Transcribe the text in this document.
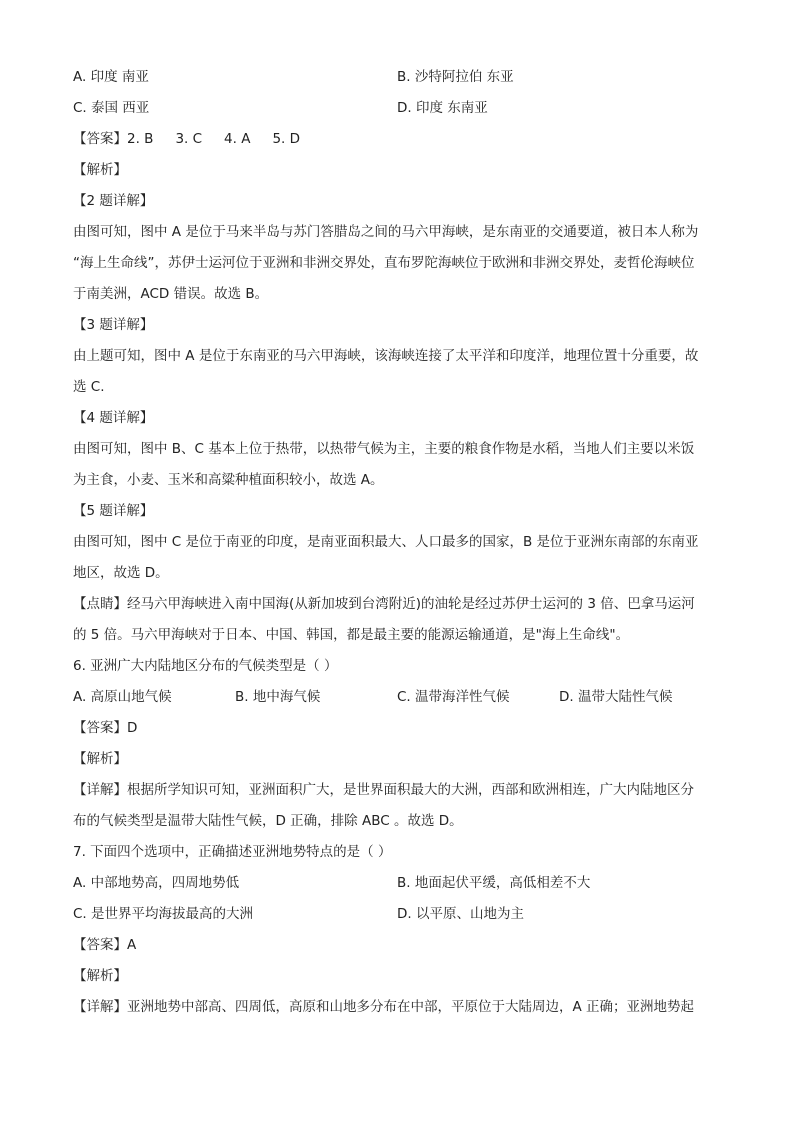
A. 印度 南亚	B. 沙特阿拉伯 东亚
C. 泰国 西亚	D. 印度 东南亚
【答案】2. B 3. C 4. A 5. D
【解析】
【2 题详解】
由图可知，图中 A 是位于马来半岛与苏门答腊岛之间的马六甲海峡，是东南亚的交通要道，被日本人称为
“海上生命线”，苏伊士运河位于亚洲和非洲交界处，直布罗陀海峡位于欧洲和非洲交界处，麦哲伦海峡位
于南美洲，ACD 错误。故选 B。
【3 题详解】
由上题可知，图中 A 是位于东南亚的马六甲海峡，该海峡连接了太平洋和印度洋，地理位置十分重要，故
选 C.
【4 题详解】
由图可知，图中 B、C 基本上位于热带，以热带气候为主，主要的粮食作物是水稻，当地人们主要以米饭
为主食，小麦、玉米和高粱种植面积较小，故选 A。
【5 题详解】
由图可知，图中 C 是位于南亚的印度，是南亚面积最大、人口最多的国家，B 是位于亚洲东南部的东南亚
地区，故选 D。
【点睛】经马六甲海峡进入南中国海(从新加坡到台湾附近)的油轮是经过苏伊士运河的 3 倍、巴拿马运河
的 5 倍。马六甲海峡对于日本、中国、韩国，都是最主要的能源运输通道，是"海上生命线"。
6. 亚洲广大内陆地区分布的气候类型是（ ）
A. 高原山地气候	B. 地中海气候	C. 温带海洋性气候	D. 温带大陆性气候
【答案】D
【解析】
【详解】根据所学知识可知，亚洲面积广大，是世界面积最大的大洲，西部和欧洲相连，广大内陆地区分
布的气候类型是温带大陆性气候，D 正确，排除 ABC 。故选 D。
7. 下面四个选项中，正确描述亚洲地势特点的是（ ）
A. 中部地势高，四周地势低	B. 地面起伏平缓，高低相差不大
C. 是世界平均海拔最高的大洲	D. 以平原、山地为主
【答案】A
【解析】
【详解】亚洲地势中部高、四周低，高原和山地多分布在中部，平原位于大陆周边，A 正确；亚洲地势起
